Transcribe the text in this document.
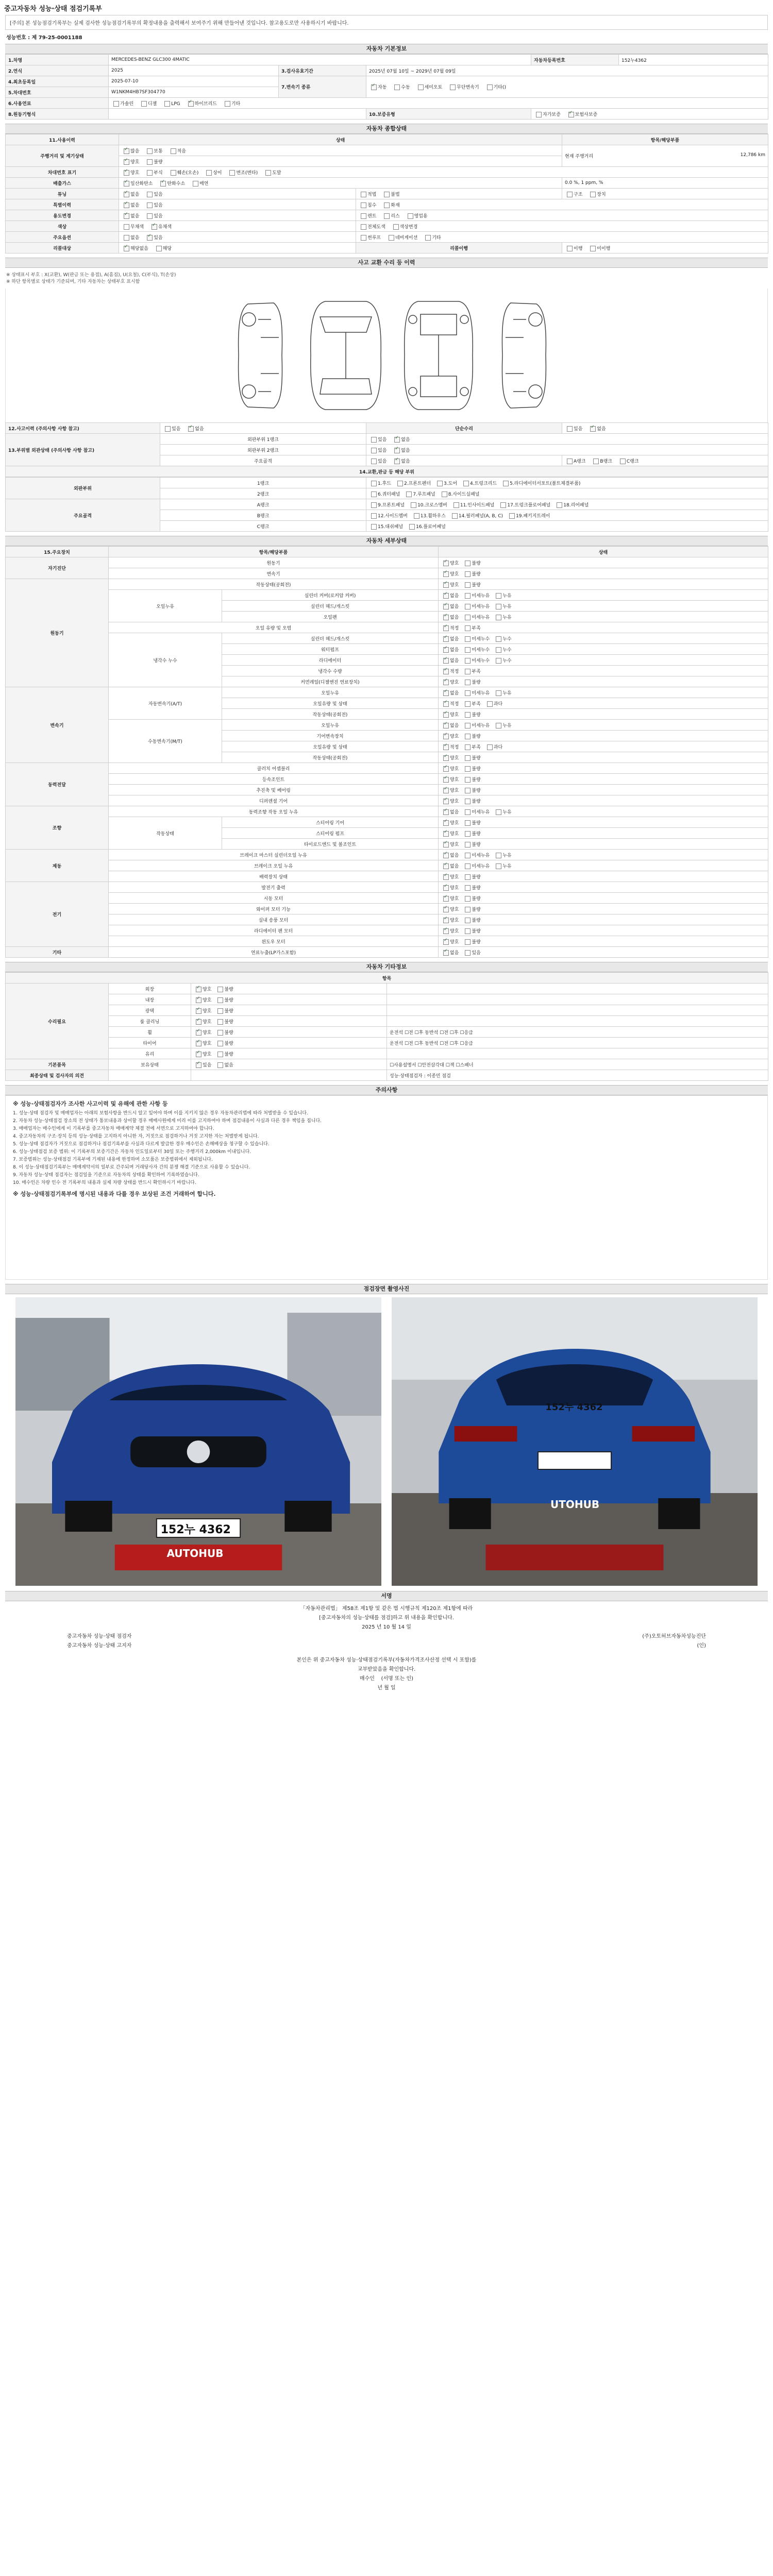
중고자동차 성능·상태 점검기록부
[주의] 본 성능점검기록부는 실제 검사한 성능점검기록부의 확정내용을 출력해서 보여주기 위해 만들어낸 것입니다. 참고용도로만 사용하시기 바랍니다.
성능번호 : 제 79-25-0001188
자동차 기본정보
1.차명	MERCEDES-BENZ GLC300 4MATIC			자동차등록번호	152누4362
2.연식	2025	3.검사유효기간	2025년 07월 10일 ~ 2029년 07월 09일		
4.최초등록일	2025-07-10	7.변속기 종류	✓자동 수동 세미오토 무단변속기 기타()
5.차대번호	W1NKM4HB7SF304770				
6.사용연료	가솔린 디젤 LPG ✓ 하이브리드 기타
8.원동기형식			10.보증유형	자가보증 ✓ 보험사보증
자동차 종합상태
11.사용이력	상태		항목/해당부품
주행거리 및 계기상태	✓많음 보통 적음		현재 주행거리 12,786 km

✓양호 불량
차대번호 표기	✓양호 부식 훼손(오손) 상이 변조(변타) 도말
배출가스	✓일산화탄소 ✓ 탄화수소 매연		0.0 %, 1 ppm, %
튜닝	✓없음 있음	적법 불법	구조 장치
특별이력	✓없음 있음	침수 화재	
용도변경	✓없음 있음	렌트 리스 영업용	
색상	무채색 ✓ 유채색	전체도색 색상변경	
주요옵션	없음 ✓ 있음	썬루프 네비게이션 기타	
리콜대상	✓해당없음 해당	리콜이행	이행 미이행
사고 교환 수리 등 이력
※ 상태표시 부호 : X(교환), W(판금 또는 용접), A(흠집), U(요철), C(부식), T(손상)
※ 하단 항목별로 상태가 기준되며, 기타 자동차는 상태부호 표시함
12.사고이력 (주의사항 사항 참고)	있음 ✓ 없음	단순수리	있음 ✓ 없음
13.부위별 외관상태 (주의사항 사항 참고)	외판부위 1랭크	있음 ✓ 없음
	외판부위 2랭크	있음 ✓ 없음
	주요골격	있음 ✓ 없음	A랭크 B랭크 C랭크
14.교환,판금 등 해당 부위			
외판부위	1랭크	1.후드 2.프론트펜더 3.도어 4.트렁크리드 5.라디에이터서포트(볼트체결부품)
	2랭크	6.쿼터패널 7.루프패널 8.사이드실패널
주요골격	A랭크	9.프론트패널 10.크로스멤버 11.인사이드패널 17.트렁크플로어패널 18.리어패널
	B랭크	12.사이드멤버 13.휠하우스 14.필러패널(A, B, C) 19.패키지트레이
	C랭크	15.대쉬패널 16.플로어패널
자동차 세부상태
15.주요장치	항목/해당부품		상태
자기진단	원동기	✓양호 불량
	변속기	✓양호 불량
원동기	작동상태(공회전)	✓양호 불량
	오일누유	실린더 커버(로커암 커버)	✓없음 미세누유 누유
		실린더 헤드/개스킷	✓없음 미세누유 누유
		오일팬	✓없음 미세누유 누유
	오일 유량 및 오염	✓적정 부족
	냉각수 누수	실린더 헤드/개스킷	✓없음 미세누수 누수
		워터펌프	✓없음 미세누수 누수
		라디에이터	✓없음 미세누수 누수
		냉각수 수량	✓적정 부족
		커먼레일(디젤엔진 연료장치)	✓양호 불량
변속기	자동변속기(A/T)	오일누유	✓없음 미세누유 누유
		오일유량 및 상태	✓적정 부족 과다
		작동상태(공회전)	✓양호 불량
	수동변속기(M/T)	오일누유	✓없음 미세누유 누유
		기어변속장치	✓양호 불량
		오일유량 및 상태	✓적정 부족 과다
		작동상태(공회전)	✓양호 불량
동력전달	클러치 어셈블리	✓양호 불량
	등속조인트	✓양호 불량
	추진축 및 베어링	✓양호 불량
	디퍼렌셜 기어	✓양호 불량
조향	동력조향 작동 오일 누유	✓없음 미세누유 누유
	작동상태	스티어링 기어	✓양호 불량
		스티어링 펌프	✓양호 불량
		타이로드엔드 및 볼조인트	✓양호 불량
제동	브레이크 마스터 실린더오일 누유	✓없음 미세누유 누유
	브레이크 오일 누유	✓없음 미세누유 누유
	배력장치 상태	✓양호 불량
전기	발전기 출력	✓양호 불량
	시동 모터	✓양호 불량
	와이퍼 모터 기능	✓양호 불량
	실내 송풍 모터	✓양호 불량
	라디에이터 팬 모터	✓양호 불량
	윈도우 모터	✓양호 불량
기타	연료누출(LP가스포함)	✓없음 있음
자동차 기타정보
항목			
수리필요	외장	✓양호 불량	
	내장	✓양호 불량	
	광택	✓양호 불량	
	룸 클리닝	✓양호 불량	
	휠	✓양호 불량	운전석 ☐전 ☐후 동반석 ☐전 ☐후 ☐응급
	타이어	✓양호 불량	운전석 ☐전 ☐후 동반석 ☐전 ☐후 ☐응급
	유리	✓양호 불량	
기본품목	보유상태	✓있음 없음	☐사용설명서 ☐안전삼각대 ☐잭 ☐스패너
최종상태 및 검사자의 의견			성능·상태점검자 : 이종민 점검
주의사항
※ 성능·상태점검자가 조사한 사고이력 및 유해에 관한 사항 등
1. 성능·상태 점검자 및 매매업자는 아래의 보험사항을 반드시 알고 있어야 하며 이를 지키지 않은 경우 자동차관리법에 따라 처벌받을 수 있습니다.
2. 자동차 성능·상태점검 장소의 전 상태가 통보내용과 상이할 경우 매매사원에게 미리 이를 고지하여야 하며 점검내용이 사실과 다른 경우 책임을 집니다.
3. 매매업자는 매수인에게 이 기록부를 중고자동차 매매계약 체결 전에 서면으로 고지하여야 합니다.
4. 중고자동차의 구조·장치 등의 성능·상태를 고지하지 아니한 자, 거짓으로 점검하거나 거짓 고지한 자는 처벌받게 됩니다.
5. 성능·상태 점검자가 거짓으로 점검하거나 점검기록부를 사실과 다르게 발급한 경우 매수인은 손해배상을 청구할 수 있습니다.
6. 성능·상태점검 보증 범위: 이 기록부의 보증기간은 자동차 인도일로부터 30일 또는 주행거리 2,000km 이내입니다.
7. 보증범위는 성능·상태점검 기록부에 기재된 내용에 한정하며 소모품은 보증범위에서 제외됩니다.
8. 이 성능·상태점검기록부는 매매계약서의 일부로 간주되며 거래당사자 간의 분쟁 해결 기준으로 사용할 수 있습니다.
9. 자동차 성능·상태 점검자는 점검일을 기준으로 자동차의 상태를 확인하여 기록하였습니다.
10. 매수인은 차량 인수 전 기록부의 내용과 실제 차량 상태를 반드시 확인하시기 바랍니다.
※ 성능·상태점검기록부에 명시된 내용과 다를 경우 보상된 조건 거래하여 합니다.
점검장면 촬영사진
152누 4362
AUTOHUB
152누 4362
UTOHUB
서명
「자동차관리법」 제58조 제1항 및 같은 법 시행규칙 제120조 제1항에 따라
[중고자동차의 성능·상태를 점검]하고 위 내용을 확인합니다.
2025 년 10 월 14 일
중고자동차 성능·상태 점검자	(주)오토허브자동차성능진단
중고자동차 성능·상태 고지자	(인)
본인은 위 중고자동차 성능·상태점검기록부(자동차가격조사산정 선택 시 포함)를
교부받았음을 확인합니다.
매수인 (서명 또는 인)
년 월 일
